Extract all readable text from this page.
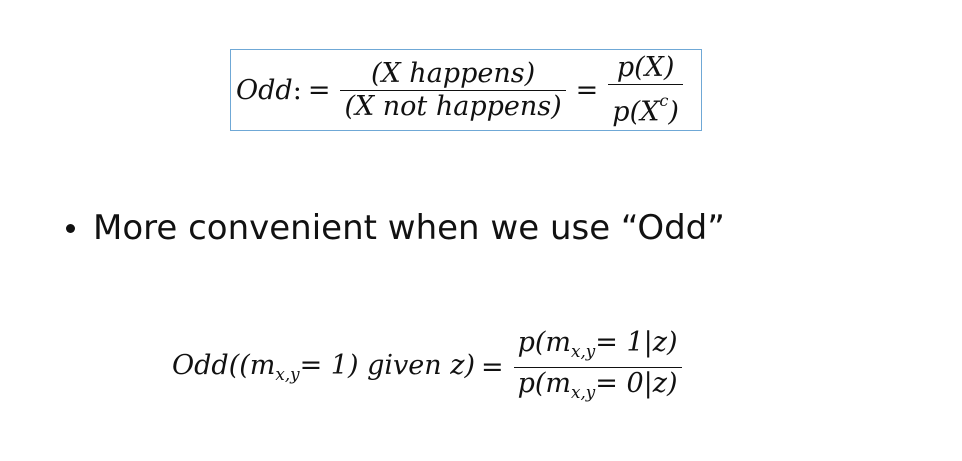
Odd : = $\frac{\text{(X happens)}}{\text{(X not happens)}} = \frac{p(X)}{p(X^c)}$
More convenient when we use “Odd”
$Odd((m_{x,y}= 1)$ given $z) = \frac{p(m_{x,y}= 1|z)}{p(m_{x,y}= 0|z)}$
